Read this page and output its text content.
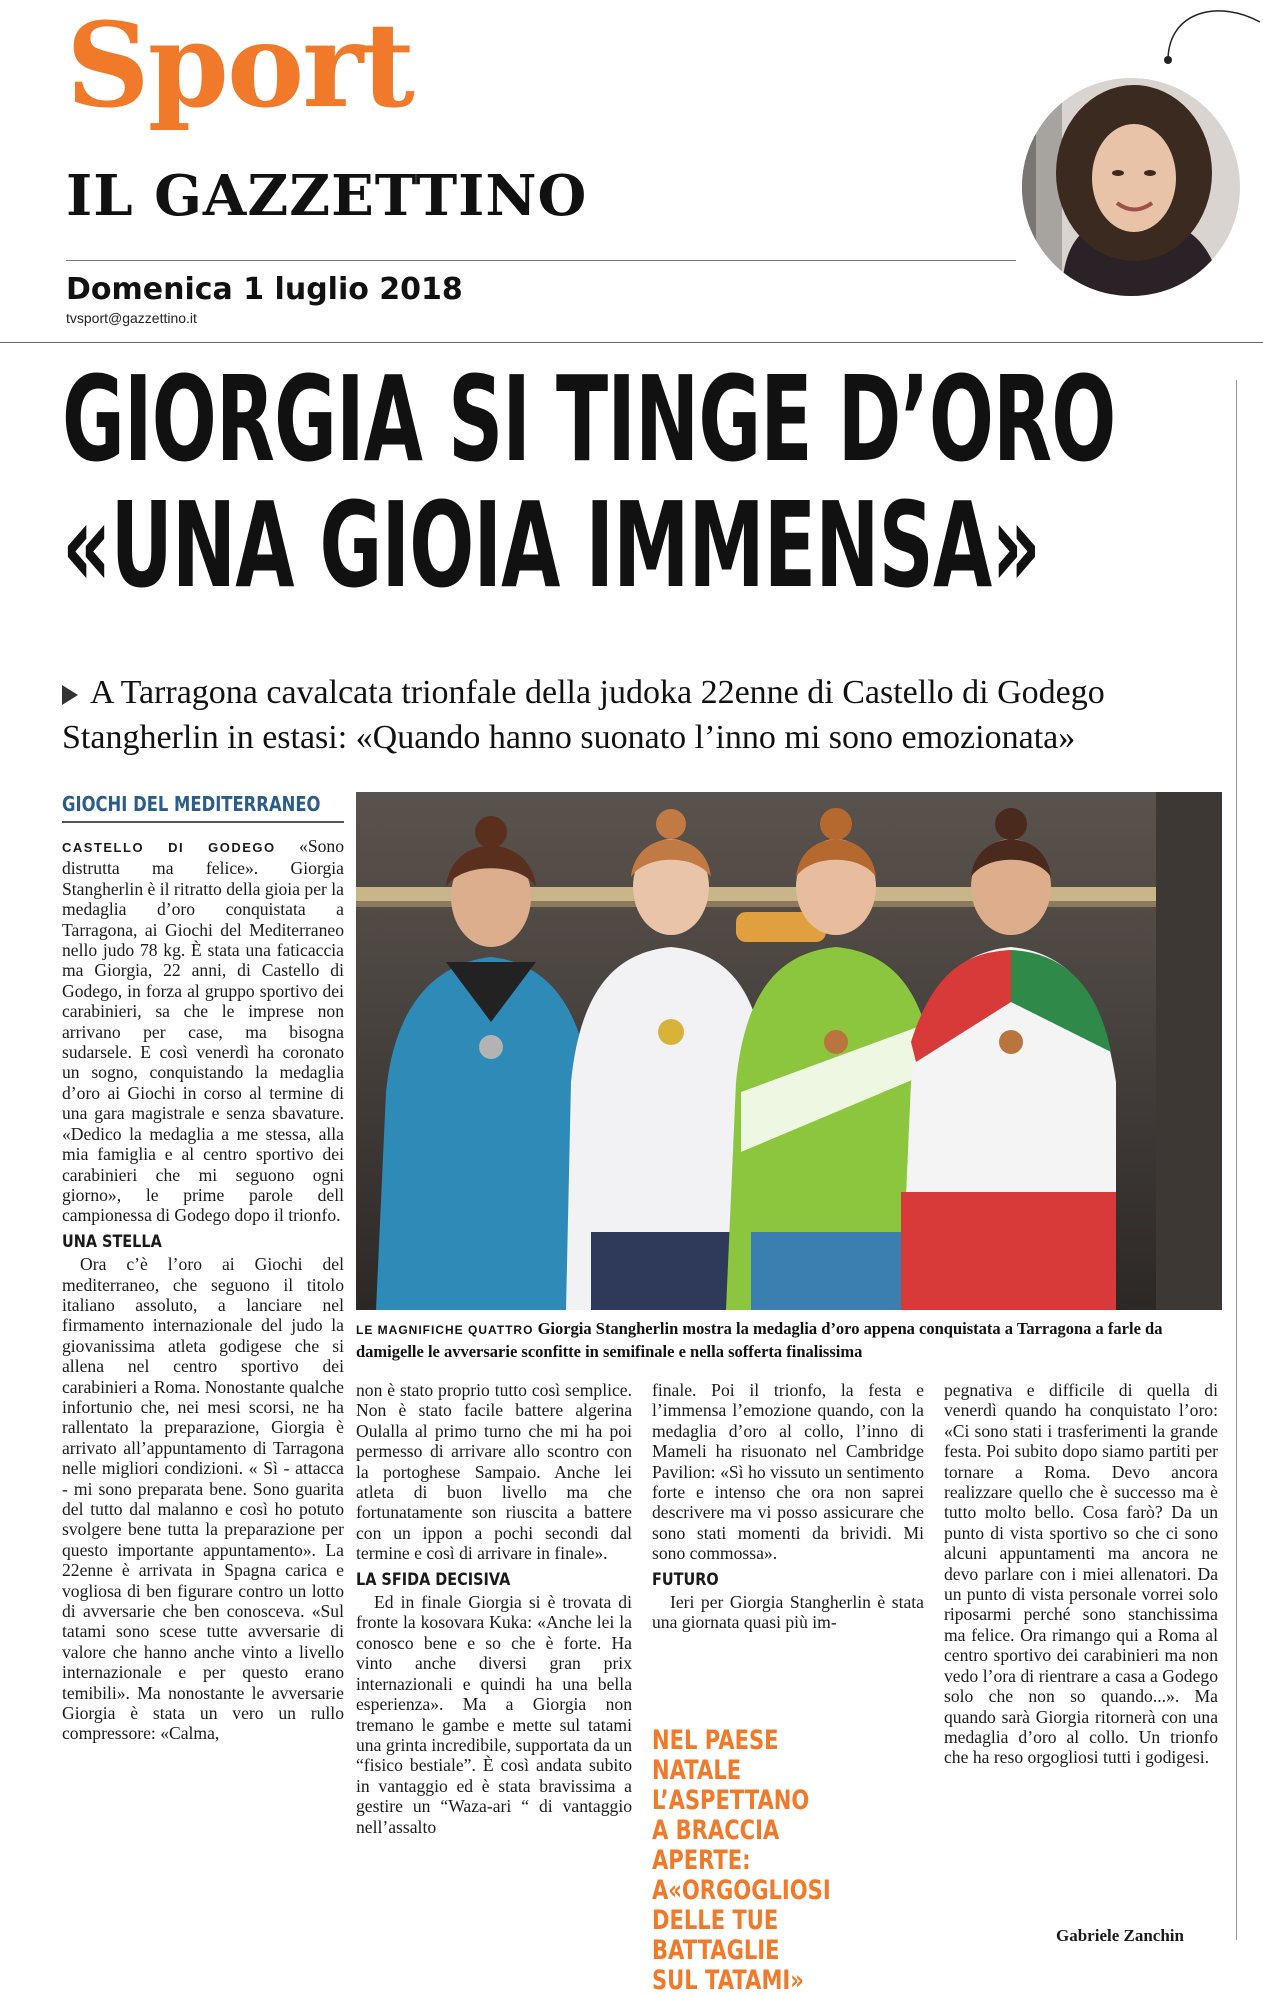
Sport
IL GAZZETTINO
Domenica 1 luglio 2018
tvsport@gazzettino.it
GIORGIA SI TINGE D’ORO
«UNA GIOIA IMMENSA»
A Tarragona cavalcata trionfale della judoka 22enne di Castello di Godego
Stangherlin in estasi: «Quando hanno suonato l’inno mi sono emozionata»
GIOCHI DEL MEDITERRANEO

CASTELLO DI GODEGO «Sono distrutta ma felice». Giorgia Stangherlin è il ritratto della gioia per la medaglia d’oro conquistata a Tarragona, ai Giochi del Mediterraneo nello judo 78 kg. È stata una faticaccia ma Giorgia, 22 anni, di Castello di Godego, in forza al gruppo sportivo dei carabinieri, sa che le imprese non arrivano per case, ma bisogna sudarsele. E così venerdì ha coronato un sogno, conquistando la medaglia d’oro ai Giochi in corso al termine di una gara magistrale e senza sbavature. «Dedico la medaglia a me stessa, alla mia famiglia e al centro sportivo dei carabinieri che mi seguono ogni giorno», le prime parole dell campionessa di Godego dopo il trionfo.

UNA STELLA

Ora c’è l’oro ai Giochi del mediterraneo, che seguono il titolo italiano assoluto, a lanciare nel firmamento internazionale del judo la giovanissima atleta godigese che si allena nel centro sportivo dei carabinieri a Roma. Nonostante qualche infortunio che, nei mesi scorsi, ne ha rallentato la preparazione, Giorgia è arrivato all’appuntamento di Tarragona nelle migliori condizioni. « Sì - attacca - mi sono preparata bene. Sono guarita del tutto dal malanno e così ho potuto svolgere bene tutta la preparazione per questo importante appuntamento». La 22enne è arrivata in Spagna carica e vogliosa di ben figurare contro un lotto di avversarie che ben conosceva. «Sul tatami sono scese tutte avversarie di valore che hanno anche vinto a livello internazionale e per questo erano temibili». Ma nonostante le avversarie Giorgia è stata un vero un rullo compressore: «Calma,

LE MAGNIFICHE QUATTRO Giorgia Stangherlin mostra la medaglia d’oro appena conquistata a Tarragona a farle da damigelle le avversarie sconfitte in semifinale e nella sofferta finalissima

non è stato proprio tutto così semplice. Non è stato facile battere algerina Oulalla al primo turno che mi ha poi permesso di arrivare allo scontro con la portoghese Sampaio. Anche lei atleta di buon livello ma che fortunatamente son riuscita a battere con un ippon a pochi secondi dal termine e così di arrivare in finale».

LA SFIDA DECISIVA

Ed in finale Giorgia si è trovata di fronte la kosovara Kuka: «Anche lei la conosco bene e so che è forte. Ha vinto anche diversi gran prix internazionali e quindi ha una bella esperienza». Ma a Giorgia non tremano le gambe e mette sul tatami una grinta incredibile, supportata da un “fisico bestiale”. È così andata subito in vantaggio ed è stata bravissima a gestire un “Waza-ari “ di vantaggio nell’assalto

finale. Poi il trionfo, la festa e l’immensa l’emozione quando, con la medaglia d’oro al collo, l’inno di Mameli ha risuonato nel Cambridge Pavilion: «Sì ho vissuto un sentimento forte e intenso che ora non saprei descrivere ma vi posso assicurare che sono stati momenti da brividi. Mi sono commossa».

FUTURO

Ieri per Giorgia Stangherlin è stata una giornata quasi più im-

NEL PAESE NATALE
L’ASPETTANO
A BRACCIA APERTE:
A«ORGOGLIOSI
DELLE TUE BATTAGLIE
SUL TATAMI»

pegnativa e difficile di quella di venerdì quando ha conquistato l’oro: «Ci sono stati i trasferimenti la grande festa. Poi subito dopo siamo partiti per tornare a Roma. Devo ancora realizzare quello che è successo ma è tutto molto bello. Cosa farò? Da un punto di vista sportivo so che ci sono alcuni appuntamenti ma ancora ne devo parlare con i miei allenatori. Da un punto di vista personale vorrei solo riposarmi perché sono stanchissima ma felice. Ora rimango qui a Roma al centro sportivo dei carabinieri ma non vedo l’ora di rientrare a casa a Godego solo che non so quando...». Ma quando sarà Giorgia ritornerà con una medaglia d’oro al collo. Un trionfo che ha reso orgogliosi tutti i godigesi.

Gabriele Zanchin
